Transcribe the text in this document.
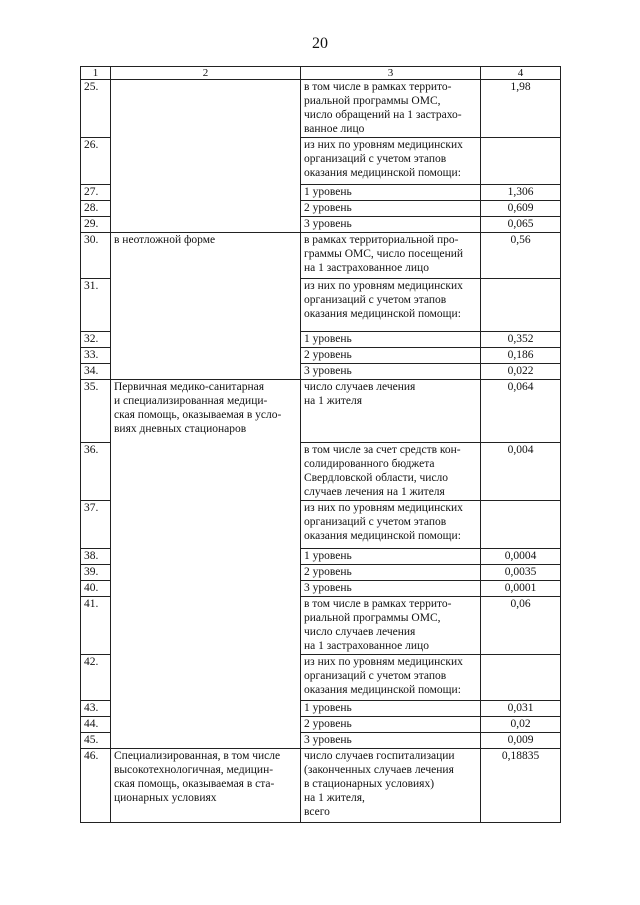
20
1	2	3	4
25.		в том числе в рамках террито-
риальной программы ОМС,
число обращений на 1 застрахо-
ванное лицо	1,98
26.		из них по уровням медицинских
организаций с учетом этапов
оказания медицинской помощи:	
27.		1 уровень	1,306
28.		2 уровень	0,609
29.		3 уровень	0,065
30.	в неотложной форме	в рамках территориальной про-
граммы ОМС, число посещений
на 1 застрахованное лицо	0,56
31.		из них по уровням медицинских
организаций с учетом этапов
оказания медицинской помощи:	
32.		1 уровень	0,352
33.		2 уровень	0,186
34.		3 уровень	0,022
35.	Первичная медико-санитарная
и специализированная медици-
ская помощь, оказываемая в усло-
виях дневных стационаров	число случаев лечения
на 1 жителя	0,064
36.		в том числе за счет средств кон-
солидированного бюджета
Свердловской области, число
случаев лечения на 1 жителя	0,004
37.		из них по уровням медицинских
организаций с учетом этапов
оказания медицинской помощи:	
38.		1 уровень	0,0004
39.		2 уровень	0,0035
40.		3 уровень	0,0001
41.		в том числе в рамках террито-
риальной программы ОМС,
число случаев лечения
на 1 застрахованное лицо	0,06
42.		из них по уровням медицинских
организаций с учетом этапов
оказания медицинской помощи:	
43.		1 уровень	0,031
44.		2 уровень	0,02
45.		3 уровень	0,009
46.	Специализированная, в том числе
высокотехнологичная, медицин-
ская помощь, оказываемая в ста-
ционарных условиях	число случаев госпитализации
(законченных случаев лечения
в стационарных условиях)
на 1 жителя,
всего	0,18835
